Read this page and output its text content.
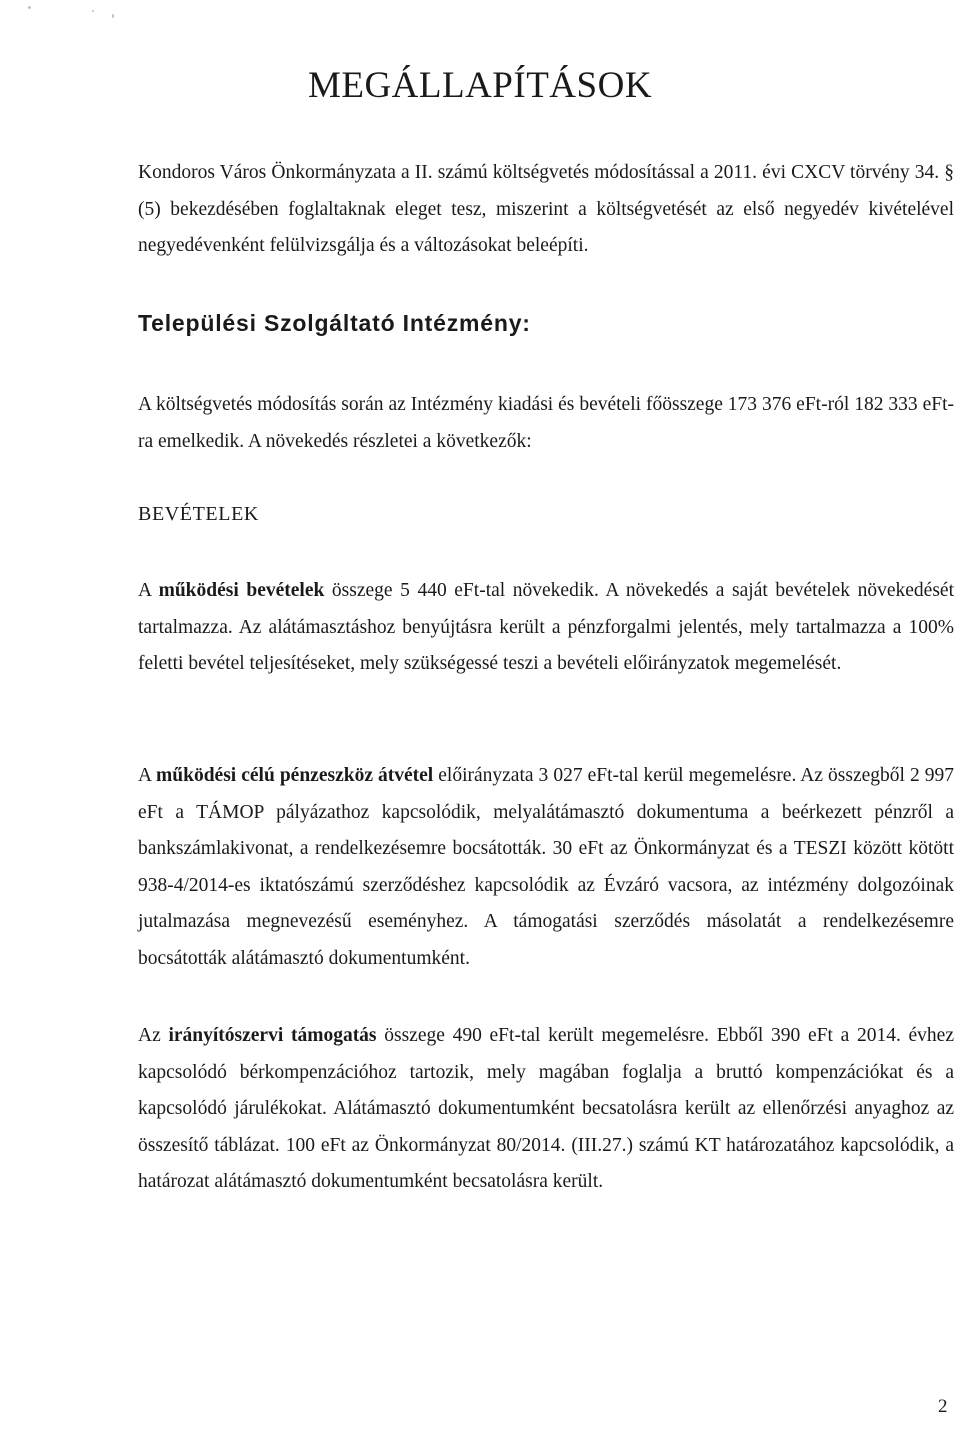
MEGÁLLAPÍTÁSOK

Kondoros Város Önkormányzata a II. számú költségvetés módosítással a 2011. évi CXCV törvény 34. § (5) bekezdésében foglaltaknak eleget tesz, miszerint a költségvetését az első negyedév kivételével negyedévenként felülvizsgálja és a változásokat beleépíti.

Települési Szolgáltató Intézmény:

A költségvetés módosítás során az Intézmény kiadási és bevételi főösszege 173 376 eFt-ról 182 333 eFt-ra emelkedik. A növekedés részletei a következők:

BEVÉTELEK

A működési bevételek összege 5 440 eFt-tal növekedik. A növekedés a saját bevételek növekedését tartalmazza. Az alátámasztáshoz benyújtásra került a pénzforgalmi jelentés, mely tartalmazza a 100% feletti bevétel teljesítéseket, mely szükségessé teszi a bevételi előirányzatok megemelését.

A működési célú pénzeszköz átvétel előirányzata 3 027 eFt-tal kerül megemelésre. Az összegből 2 997 eFt a TÁMOP pályázathoz kapcsolódik, melyalátámasztó dokumentuma a beérkezett pénzről a bankszámlakivonat, a rendelkezésemre bocsátották. 30 eFt az Önkormányzat és a TESZI között kötött 938-4/2014-es iktatószámú szerződéshez kapcsolódik az Évzáró vacsora, az intézmény dolgozóinak jutalmazása megnevezésű eseményhez. A támogatási szerződés másolatát a rendelkezésemre bocsátották alátámasztó dokumentumként.

Az irányítószervi támogatás összege 490 eFt-tal került megemelésre. Ebből 390 eFt a 2014. évhez kapcsolódó bérkompenzációhoz tartozik, mely magában foglalja a bruttó kompenzációkat és a kapcsolódó járulékokat. Alátámasztó dokumentumként becsatolásra került az ellenőrzési anyaghoz az összesítő táblázat. 100 eFt az Önkormányzat 80/2014. (III.27.) számú KT határozatához kapcsolódik, a határozat alátámasztó dokumentumként becsatolásra került.

2
